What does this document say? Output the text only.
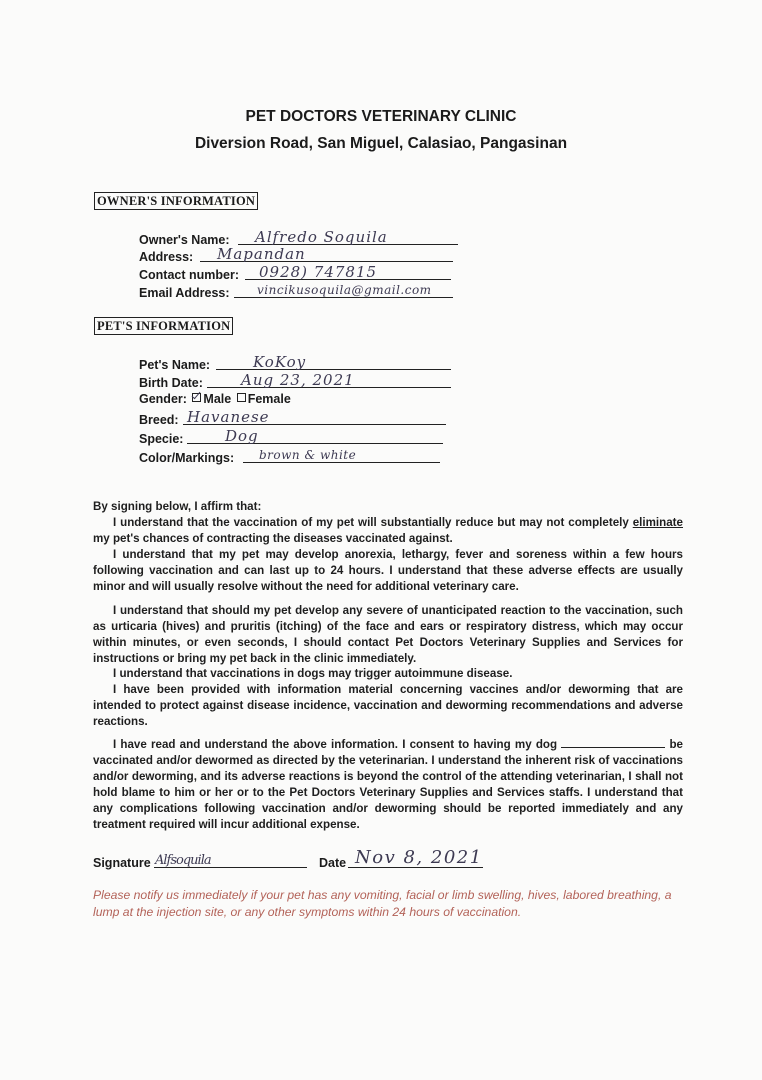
PET DOCTORS VETERINARY CLINIC
Diversion Road, San Miguel, Calasiao, Pangasinan
OWNER'S INFORMATION
Owner's Name: Alfredo Soquila
Address: Mapandan
Contact number: 0928) 747815
Email Address: vincikusoquila@gmail.com
PET'S INFORMATION
Pet's Name:	KoKoy
Birth Date:	Aug 23, 2021
Gender: Male Female
Breed: Havanese
Specie:	Dog
Color/Markings: brown & white
By signing below, I affirm that:

I understand that the vaccination of my pet will substantially reduce but may not completely eliminate my pet's chances of contracting the diseases vaccinated against.

I understand that my pet may develop anorexia, lethargy, fever and soreness within a few hours following vaccination and can last up to 24 hours. I understand that these adverse effects are usually minor and will usually resolve without the need for additional veterinary care.

I understand that should my pet develop any severe of unanticipated reaction to the vaccination, such as urticaria (hives) and pruritis (itching) of the face and ears or respiratory distress, which may occur within minutes, or even seconds, I should contact Pet Doctors Veterinary Supplies and Services for instructions or bring my pet back in the clinic immediately.

I understand that vaccinations in dogs may trigger autoimmune disease.

I have been provided with information material concerning vaccines and/or deworming that are intended to protect against disease incidence, vaccination and deworming recommendations and adverse reactions.

I have read and understand the above information. I consent to having my dog	be vaccinated and/or dewormed as directed by the veterinarian. I understand the inherent risk of vaccinations and/or deworming, and its adverse reactions is beyond the control of the attending veterinarian, I shall not hold blame to him or her or to the Pet Doctors Veterinary Supplies and Services staffs. I understand that any complications following vaccination and/or deworming should be reported immediately and any treatment required will incur additional expense.

Signature Alfsoquila	Date Nov 8, 2021
Please notify us immediately if your pet has any vomiting, facial or limb swelling, hives, labored breathing, a lump at the injection site, or any other symptoms within 24 hours of vaccination.
